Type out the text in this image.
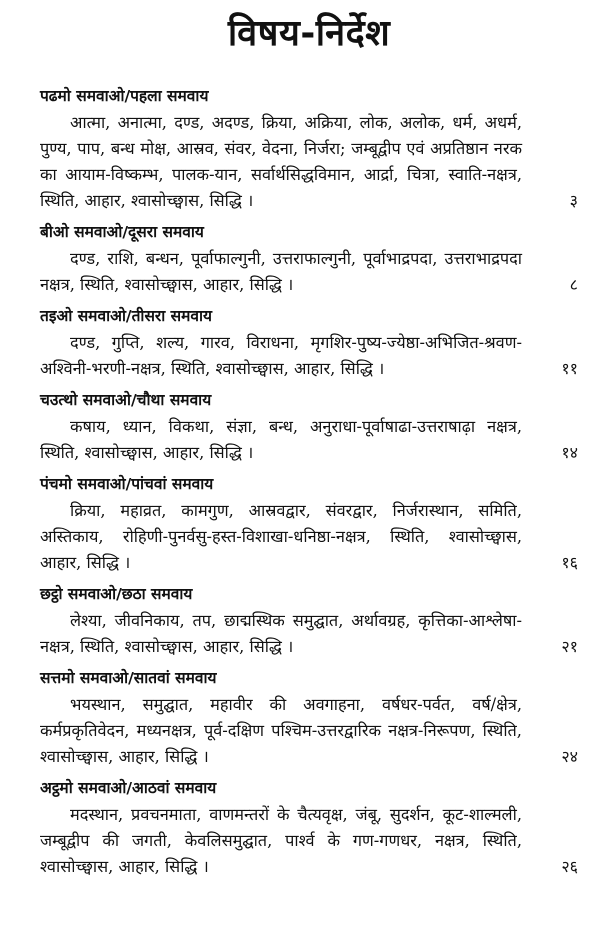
विषय-निर्देश
पढमो समवाओ/पहला समवाय

आत्मा, अनात्मा, दण्ड, अदण्ड, क्रिया, अक्रिया, लोक, अलोक, धर्म, अधर्म, पुण्य, पाप, बन्ध मोक्ष, आस्रव, संवर, वेदना, निर्जरा; जम्बूद्वीप एवं अप्रतिष्ठान नरक का आयाम-विष्कम्भ, पालक-यान, सर्वार्थसिद्धविमान, आर्द्रा, चित्रा, स्वाति-नक्षत्र, स्थिति, आहार, श्वासोच्छ्वास, सिद्धि ।	३
बीओ समवाओ/दूसरा समवाय

दण्ड, राशि, बन्धन, पूर्वाफाल्गुनी, उत्तराफाल्गुनी, पूर्वाभाद्रपदा, उत्तराभाद्रपदा नक्षत्र, स्थिति, श्वासोच्छ्वास, आहार, सिद्धि ।	८
तइओ समवाओ/तीसरा समवाय

दण्ड, गुप्ति, शल्य, गारव, विराधना, मृगशिर-पुष्य-ज्येष्ठा-अभिजित-श्रवण-अश्विनी-भरणी-नक्षत्र, स्थिति, श्वासोच्छ्वास, आहार, सिद्धि ।	११
चउत्थो समवाओ/चौथा समवाय

कषाय, ध्यान, विकथा, संज्ञा, बन्ध, अनुराधा-पूर्वाषाढा-उत्तराषाढ़ा नक्षत्र, स्थिति, श्वासोच्छ्वास, आहार, सिद्धि ।	१४
पंचमो समवाओ/पांचवां समवाय

क्रिया, महाव्रत, कामगुण, आस्रवद्वार, संवरद्वार, निर्जरास्थान, समिति, अस्तिकाय, रोहिणी-पुनर्वसु-हस्त-विशाखा-धनिष्ठा-नक्षत्र, स्थिति, श्वासोच्छ्वास, आहार, सिद्धि ।	१६
छट्ठो समवाओ/छठा समवाय

लेश्या, जीवनिकाय, तप, छाद्मस्थिक समुद्घात, अर्थावग्रह, कृत्तिका-आश्लेषा-नक्षत्र, स्थिति, श्वासोच्छ्वास, आहार, सिद्धि ।	२१
सत्तमो समवाओ/सातवां समवाय

भयस्थान, समुद्घात, महावीर की अवगाहना, वर्षधर-पर्वत, वर्ष/क्षेत्र, कर्मप्रकृतिवेदन, मध्यनक्षत्र, पूर्व-दक्षिण पश्चिम-उत्तरद्वारिक नक्षत्र-निरूपण, स्थिति, श्वासोच्छ्वास, आहार, सिद्धि ।	२४
अट्ठमो समवाओ/आठवां समवाय

मदस्थान, प्रवचनमाता, वाणमन्तरों के चैत्यवृक्ष, जंबू, सुदर्शन, कूट-शाल्मली, जम्बूद्वीप की जगती, केवलिसमुद्घात, पार्श्व के गण-गणधर, नक्षत्र, स्थिति, श्वासोच्छ्वास, आहार, सिद्धि ।	२६
